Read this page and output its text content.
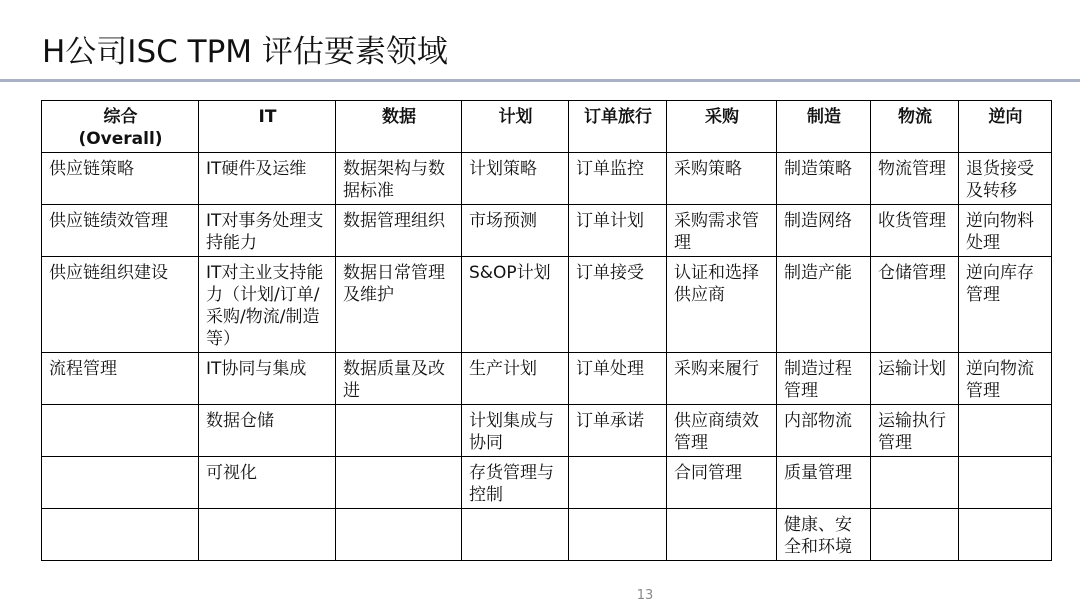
H公司ISC TPM 评估要素领域
综合
(Overall)	IT	数据	计划	订单旅行	采购	制造	物流	逆向
供应链策略	IT硬件及运维	数据架构与数据标准	计划策略	订单监控	采购策略	制造策略	物流管理	退货接受及转移
供应链绩效管理	IT对事务处理支持能力	数据管理组织	市场预测	订单计划	采购需求管理	制造网络	收货管理	逆向物料处理
供应链组织建设	IT对主业支持能力（计划/订单/采购/物流/制造等）	数据日常管理及维护	S&OP计划	订单接受	认证和选择供应商	制造产能	仓储管理	逆向库存管理
流程管理	IT协同与集成	数据质量及改进	生产计划	订单处理	采购来履行	制造过程管理	运输计划	逆向物流管理
	数据仓储		计划集成与协同	订单承诺	供应商绩效管理	内部物流	运输执行管理	
	可视化		存货管理与控制		合同管理	质量管理		
						健康、安全和环境		
13
